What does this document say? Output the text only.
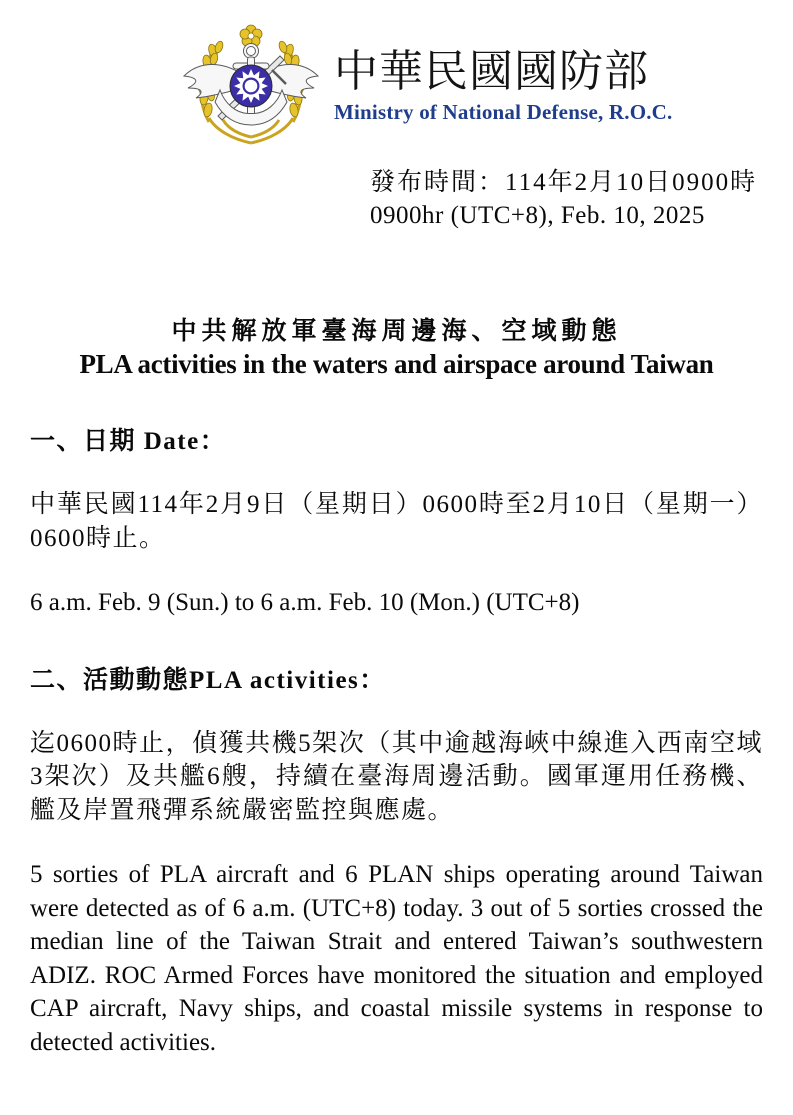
中華民國國防部
Ministry of National Defense, R.O.C.
發布時間：114年2月10日0900時
0900hr (UTC+8), Feb. 10, 2025
中共解放軍臺海周邊海、空域動態
PLA activities in the waters and airspace around Taiwan
一、日期 Date：
中華民國114年2月9日（星期日）0600時至2月10日（星期一）0600時止。
6 a.m. Feb. 9 (Sun.) to 6 a.m. Feb. 10 (Mon.) (UTC+8)
二、活動動態PLA activities：
迄0600時止，偵獲共機5架次（其中逾越海峽中線進入西南空域3架次）及共艦6艘，持續在臺海周邊活動。國軍運用任務機、艦及岸置飛彈系統嚴密監控與應處。
5 sorties of PLA aircraft and 6 PLAN ships operating around Taiwan were detected as of 6 a.m. (UTC+8) today. 3 out of 5 sorties crossed the median line of the Taiwan Strait and entered Taiwan’s southwestern ADIZ. ROC Armed Forces have monitored the situation and employed CAP aircraft, Navy ships, and coastal missile systems in response to detected activities.
